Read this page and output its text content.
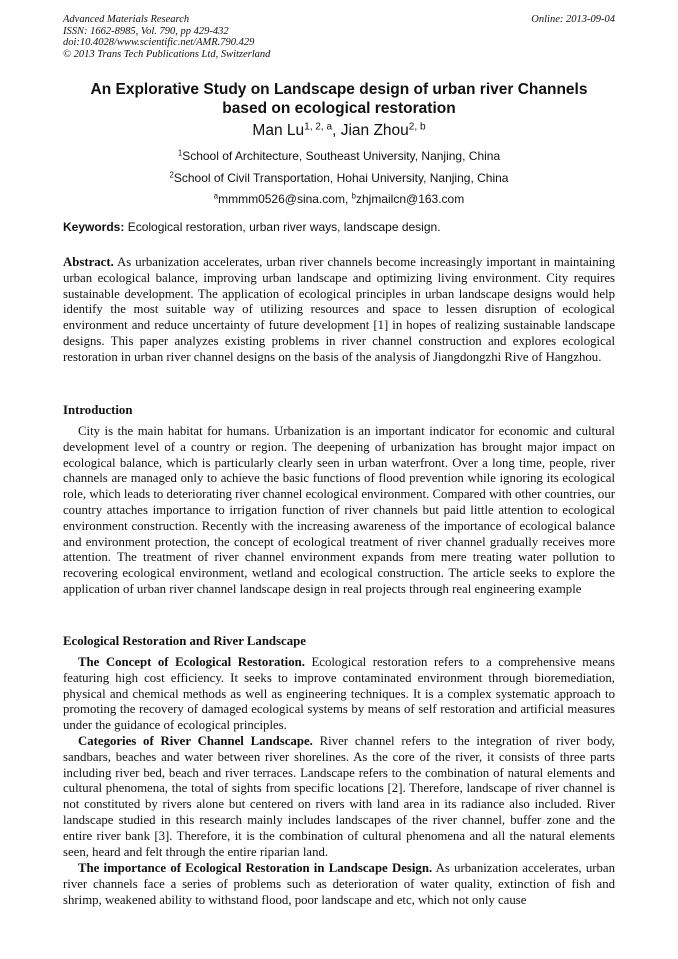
Advanced Materials Research
ISSN: 1662-8985, Vol. 790, pp 429-432
doi:10.4028/www.scientific.net/AMR.790.429
© 2013 Trans Tech Publications Ltd, Switzerland
Online: 2013-09-04
An Explorative Study on Landscape design of urban river Channels
based on ecological restoration
Man Lu$^{1, 2, a}$, Jian Zhou$^{2, b}$
$^1$School of Architecture, Southeast University, Nanjing, China
$^2$School of Civil Transportation, Hohai University, Nanjing, China
$^a$mmmm0526@sina.com, $^b$zhjmailcn@163.com
Keywords: Ecological restoration, urban river ways, landscape design.
Abstract. As urbanization accelerates, urban river channels become increasingly important in maintaining urban ecological balance, improving urban landscape and optimizing living environment. City requires sustainable development. The application of ecological principles in urban landscape designs would help identify the most suitable way of utilizing resources and space to lessen disruption of ecological environment and reduce uncertainty of future development [1] in hopes of realizing sustainable landscape designs. This paper analyzes existing problems in river channel construction and explores ecological restoration in urban river channel designs on the basis of the analysis of Jiangdongzhi Rive of Hangzhou.
Introduction
City is the main habitat for humans. Urbanization is an important indicator for economic and cultural development level of a country or region. The deepening of urbanization has brought major impact on ecological balance, which is particularly clearly seen in urban waterfront. Over a long time, people, river channels are managed only to achieve the basic functions of flood prevention while ignoring its ecological role, which leads to deteriorating river channel ecological environment. Compared with other countries, our country attaches importance to irrigation function of river channels but paid little attention to ecological environment construction. Recently with the increasing awareness of the importance of ecological balance and environment protection, the concept of ecological treatment of river channel gradually receives more attention. The treatment of river channel environment expands from mere treating water pollution to recovering ecological environment, wetland and ecological construction. The article seeks to explore the application of urban river channel landscape design in real projects through real engineering example
Ecological Restoration and River Landscape
The Concept of Ecological Restoration. Ecological restoration refers to a comprehensive means featuring high cost efficiency. It seeks to improve contaminated environment through bioremediation, physical and chemical methods as well as engineering techniques. It is a complex systematic approach to promoting the recovery of damaged ecological systems by means of self restoration and artificial measures under the guidance of ecological principles.
Categories of River Channel Landscape. River channel refers to the integration of river body, sandbars, beaches and water between river shorelines. As the core of the river, it consists of three parts including river bed, beach and river terraces. Landscape refers to the combination of natural elements and cultural phenomena, the total of sights from specific locations [2]. Therefore, landscape of river channel is not constituted by rivers alone but centered on rivers with land area in its radiance also included. River landscape studied in this research mainly includes landscapes of the river channel, buffer zone and the entire river bank [3]. Therefore, it is the combination of cultural phenomena and all the natural elements seen, heard and felt through the entire riparian land.
The importance of Ecological Restoration in Landscape Design. As urbanization accelerates, urban river channels face a series of problems such as deterioration of water quality, extinction of fish and shrimp, weakened ability to withstand flood, poor landscape and etc, which not only cause
